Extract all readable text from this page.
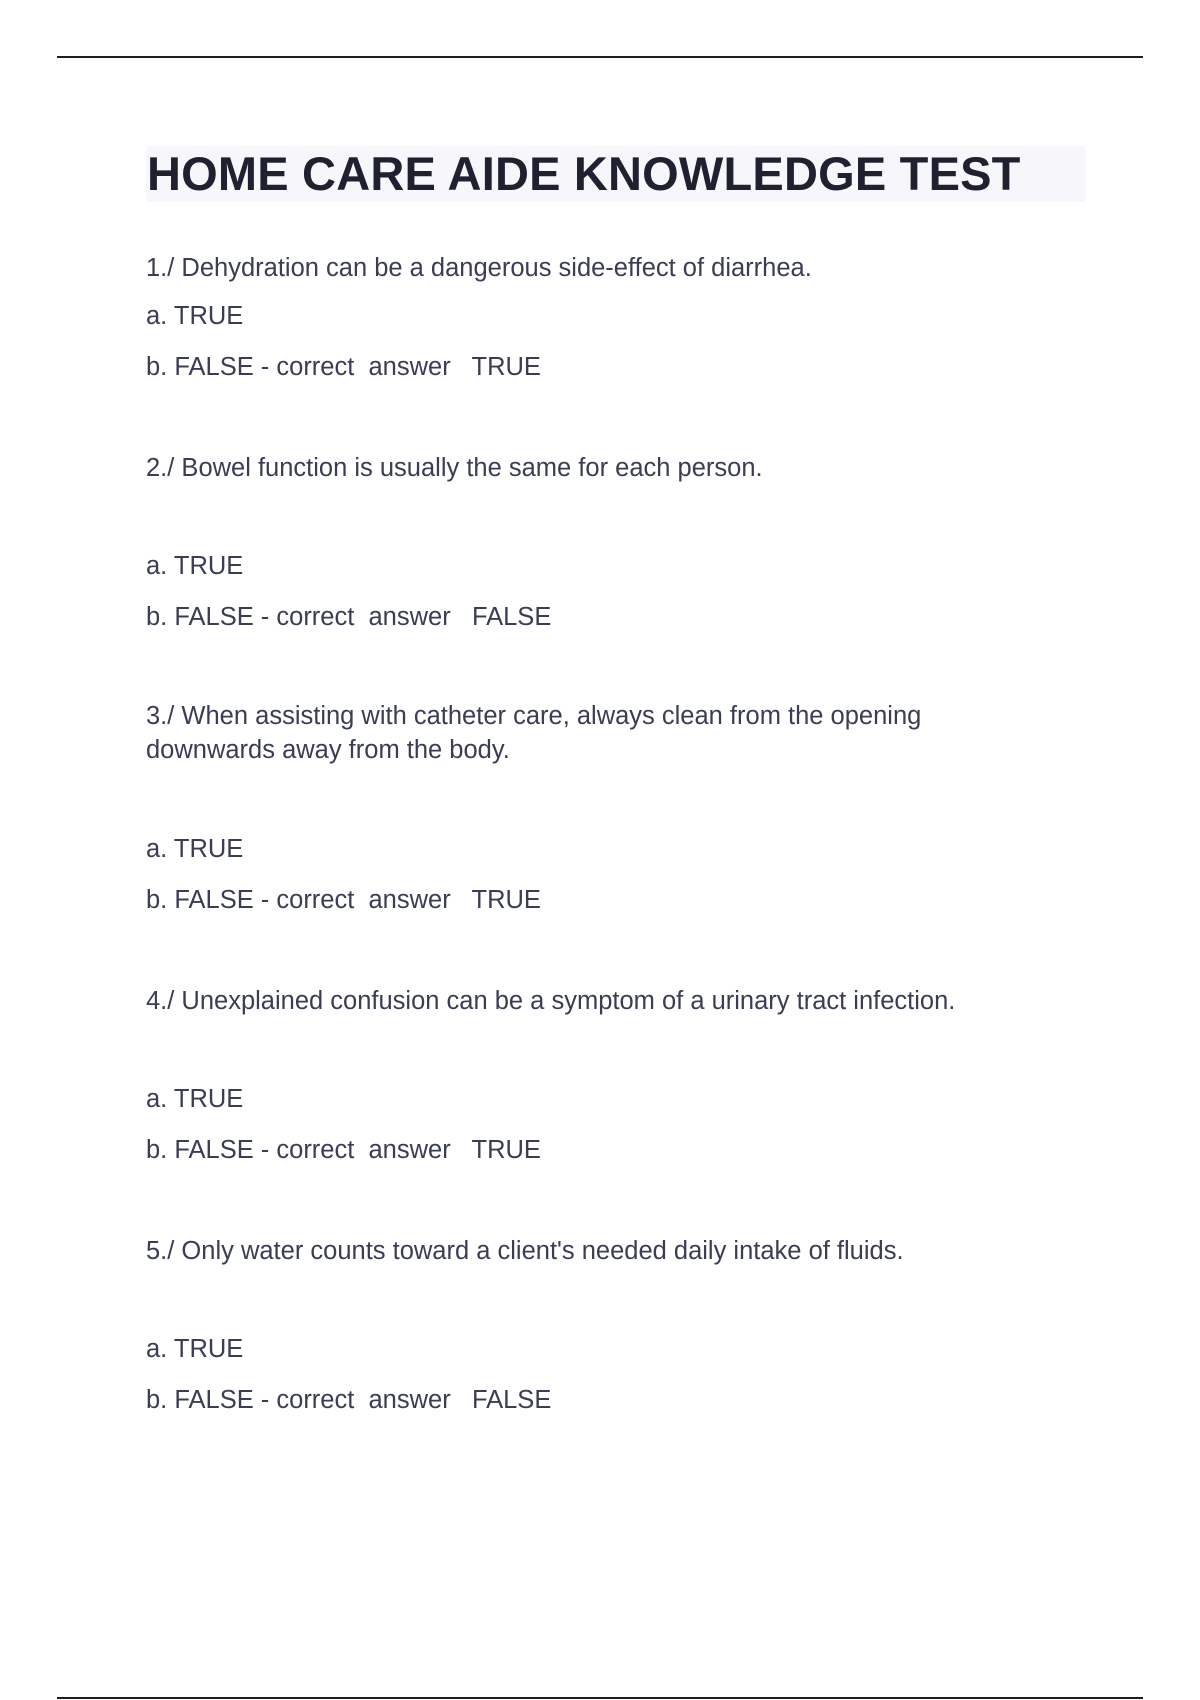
HOME CARE AIDE KNOWLEDGE TEST

1./ Dehydration can be a dangerous side-effect of diarrhea.

a. TRUE
b. FALSE - correct  answer   TRUE

2./ Bowel function is usually the same for each person.

a. TRUE
b. FALSE - correct  answer   FALSE

3./ When assisting with catheter care, always clean from the opening downwards away from the body.

a. TRUE
b. FALSE - correct  answer   TRUE

4./ Unexplained confusion can be a symptom of a urinary tract infection.

a. TRUE
b. FALSE - correct  answer   TRUE

5./ Only water counts toward a client's needed daily intake of fluids.

a. TRUE
b. FALSE - correct  answer   FALSE
